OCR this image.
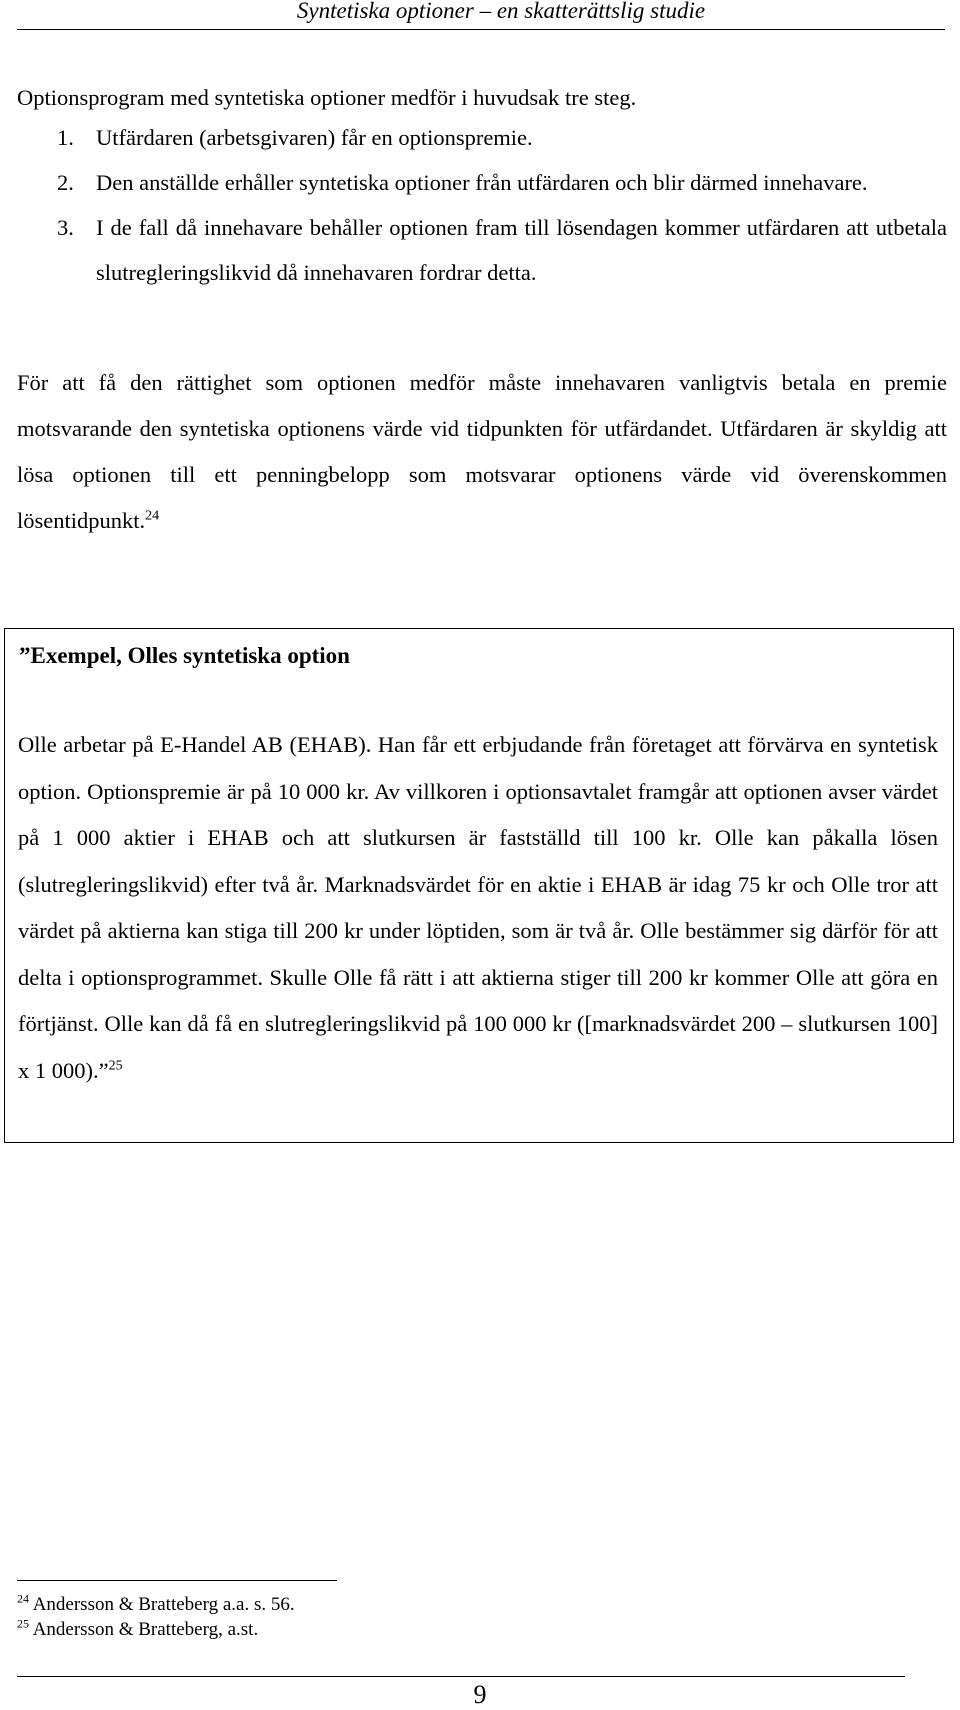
Syntetiska optioner – en skatterättslig studie
Optionsprogram med syntetiska optioner medför i huvudsak tre steg.
1. Utfärdaren (arbetsgivaren) får en optionspremie.
2. Den anställde erhåller syntetiska optioner från utfärdaren och blir därmed innehavare.
3. I de fall då innehavare behåller optionen fram till lösendagen kommer utfärdaren att utbetala slutregleringslikvid då innehavaren fordrar detta.
För att få den rättighet som optionen medför måste innehavaren vanligtvis betala en premie motsvarande den syntetiska optionens värde vid tidpunkten för utfärdandet. Utfärdaren är skyldig att lösa optionen till ett penningbelopp som motsvarar optionens värde vid överenskommen lösentidpunkt.$^{24}$
”Exempel, Olles syntetiska option
Olle arbetar på E-Handel AB (EHAB). Han får ett erbjudande från företaget att förvärva en syntetisk option. Optionspremie är på 10 000 kr. Av villkoren i optionsavtalet framgår att optionen avser värdet på 1 000 aktier i EHAB och att slutkursen är fastställd till 100 kr. Olle kan påkalla lösen (slutregleringslikvid) efter två år. Marknadsvärdet för en aktie i EHAB är idag 75 kr och Olle tror att värdet på aktierna kan stiga till 200 kr under löptiden, som är två år. Olle bestämmer sig därför för att delta i optionsprogrammet. Skulle Olle få rätt i att aktierna stiger till 200 kr kommer Olle att göra en förtjänst. Olle kan då få en slutregleringslikvid på 100 000 kr ([marknadsvärdet 200 – slutkursen 100] x 1 000).”$^{25}$
$^{24}$ Andersson & Bratteberg a.a. s. 56.
$^{25}$ Andersson & Bratteberg, a.st.
9
